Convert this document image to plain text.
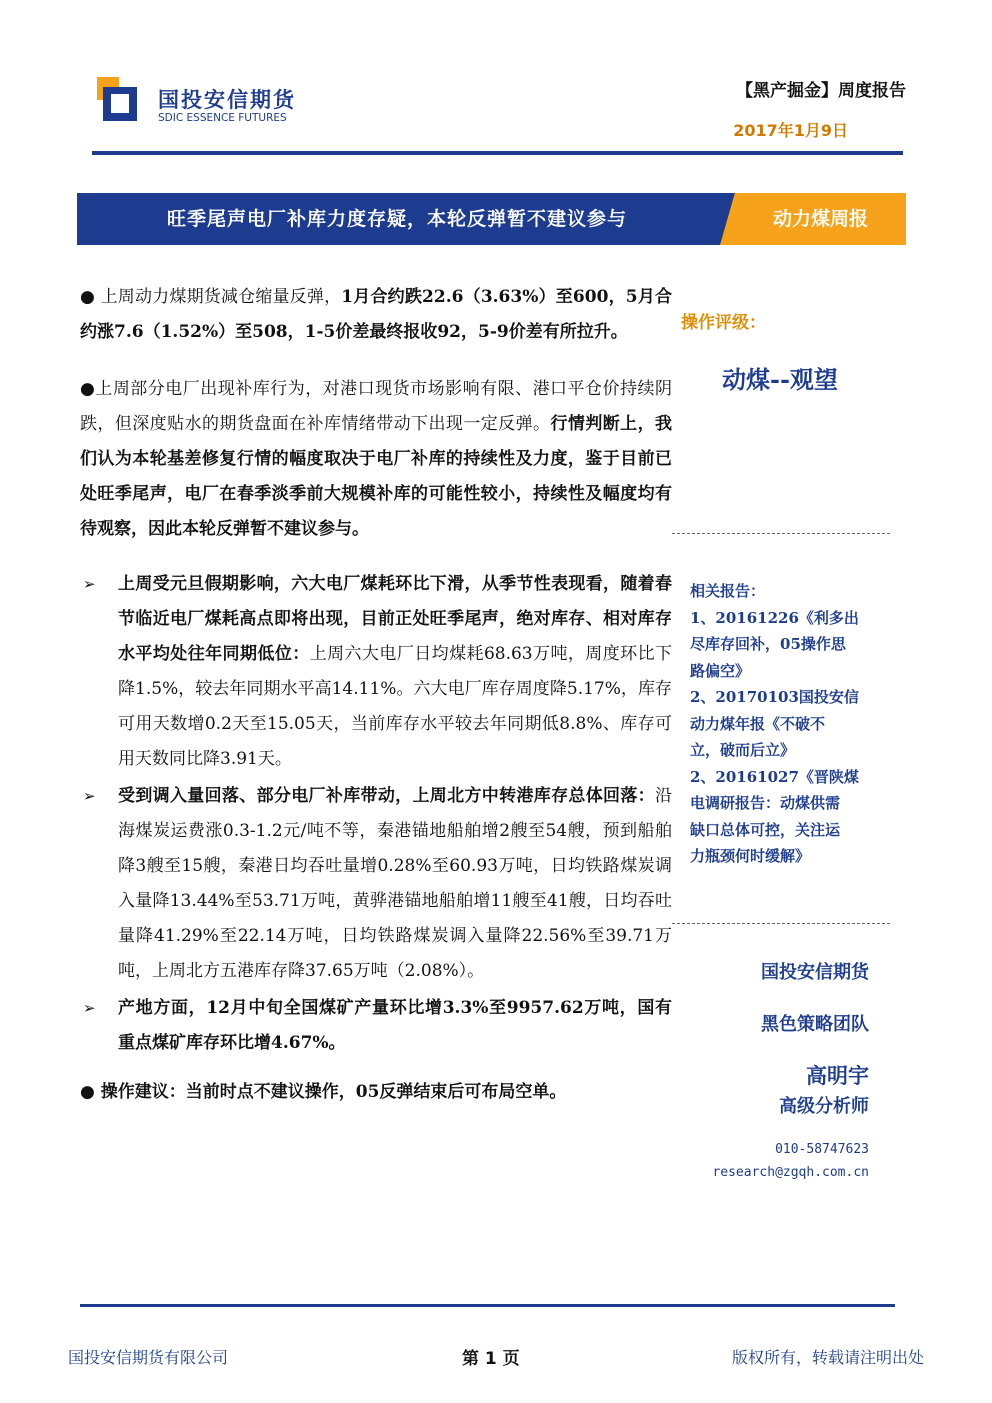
国投安信期货
SDIC ESSENCE FUTURES
【黑产掘金】周度报告
2017年1月9日
旺季尾声电厂补库力度存疑，本轮反弹暂不建议参与	动力煤周报

● 上周动力煤期货减仓缩量反弹，1月合约跌22.6（3.63%）至600，5月合约涨7.6（1.52%）至508，1-5价差最终报收92，5-9价差有所拉升。

●上周部分电厂出现补库行为，对港口现货市场影响有限、港口平仓价持续阴跌，但深度贴水的期货盘面在补库情绪带动下出现一定反弹。行情判断上，我们认为本轮基差修复行情的幅度取决于电厂补库的持续性及力度，鉴于目前已处旺季尾声，电厂在春季淡季前大规模补库的可能性较小，持续性及幅度均有待观察，因此本轮反弹暂不建议参与。

➢ 上周受元旦假期影响，六大电厂煤耗环比下滑，从季节性表现看，随着春节临近电厂煤耗高点即将出现，目前正处旺季尾声，绝对库存、相对库存水平均处往年同期低位：上周六大电厂日均煤耗68.63万吨，周度环比下降1.5%，较去年同期水平高14.11%。六大电厂库存周度降5.17%，库存可用天数增0.2天至15.05天，当前库存水平较去年同期低8.8%、库存可用天数同比降3.91天。

➢ 受到调入量回落、部分电厂补库带动，上周北方中转港库存总体回落：沿海煤炭运费涨0.3-1.2元/吨不等，秦港锚地船舶增2艘至54艘，预到船舶降3艘至15艘，秦港日均吞吐量增0.28%至60.93万吨，日均铁路煤炭调入量降13.44%至53.71万吨，黄骅港锚地船舶增11艘至41艘，日均吞吐量降41.29%至22.14万吨，日均铁路煤炭调入量降22.56%至39.71万吨，上周北方五港库存降37.65万吨（2.08%）。

➢ 产地方面，12月中旬全国煤矿产量环比增3.3%至9957.62万吨，国有重点煤矿库存环比增4.67%。

● 操作建议：当前时点不建议操作，05反弹结束后可布局空单。

操作评级：
动煤--观望

相关报告：

1、20161226《利多出

尽库存回补，05操作思

路偏空》

2、20170103国投安信

动力煤年报《不破不

立，破而后立》

2、20161027《晋陕煤

电调研报告：动煤供需

缺口总体可控，关注运

力瓶颈何时缓解》

国投安信期货
黑色策略团队
高明宇
高级分析师
010-58747623
research@zgqh.com.cn
国投安信期货有限公司	第 1 页	版权所有，转载请注明出处
